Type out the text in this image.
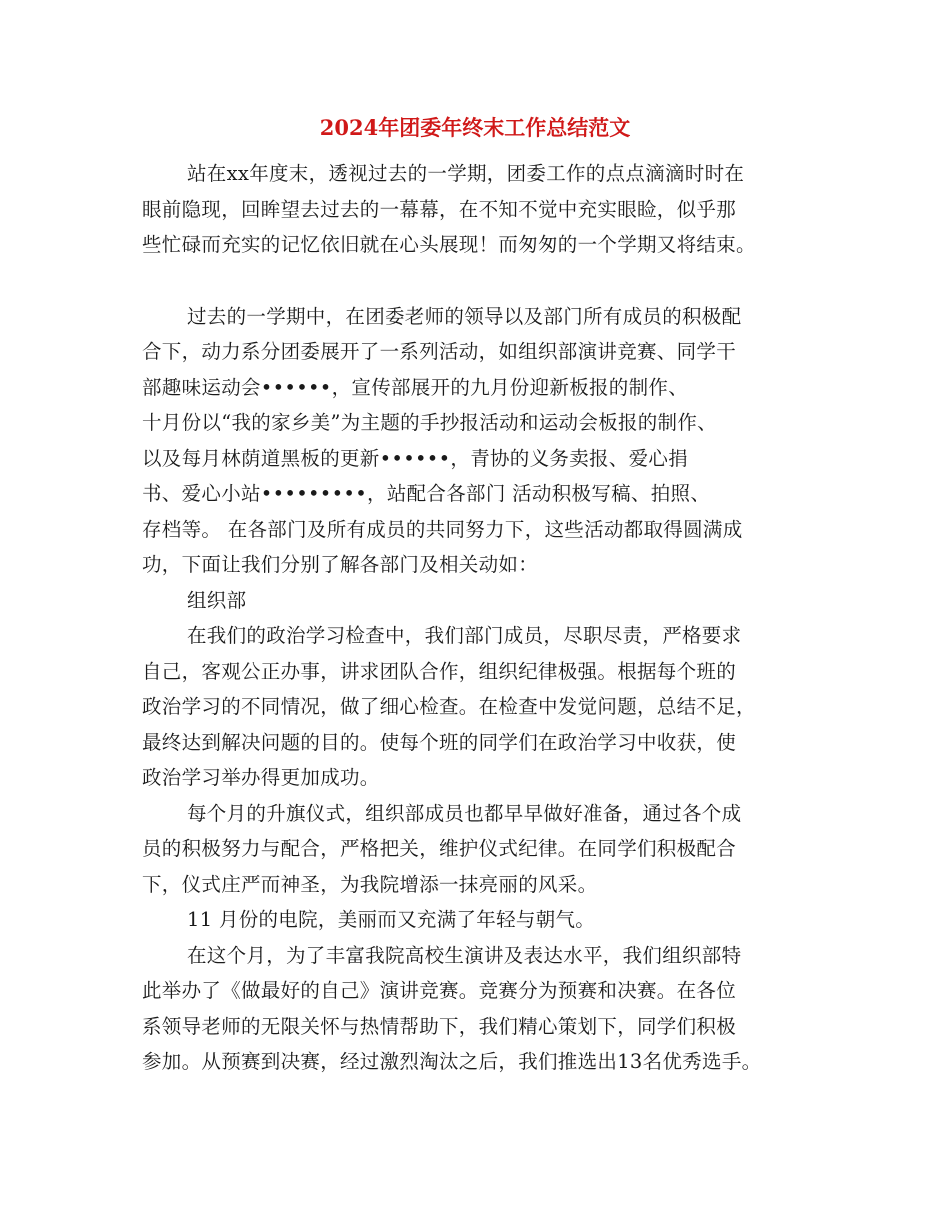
2024年团委年终末工作总结范文
站在xx年度末，透视过去的一学期，团委工作的点点滴滴时时在
眼前隐现，回眸望去过去的一幕幕，在不知不觉中充实眼睑，似乎那
些忙碌而充实的记忆依旧就在心头展现！而匆匆的一个学期又将结束。
过去的一学期中，在团委老师的领导以及部门所有成员的积极配
合下，动力系分团委展开了一系列活动，如组织部演讲竞赛、同学干
部趣味运动会••••••，宣传部展开的九月份迎新板报的制作、
十月份以“我的家乡美”为主题的手抄报活动和运动会板报的制作、
以及每月林荫道黑板的更新••••••，青协的义务卖报、爱心捐
书、爱心小站•••••••••，站配合各部门 活动积极写稿、拍照、
存档等。 在各部门及所有成员的共同努力下，这些活动都取得圆满成
功，下面让我们分别了解各部门及相关动如：
组织部
在我们的政治学习检查中，我们部门成员，尽职尽责，严格要求
自己，客观公正办事，讲求团队合作，组织纪律极强。根据每个班的
政治学习的不同情况，做了细心检查。在检查中发觉问题，总结不足，
最终达到解决问题的目的。使每个班的同学们在政治学习中收获，使
政治学习举办得更加成功。
每个月的升旗仪式，组织部成员也都早早做好准备，通过各个成
员的积极努力与配合，严格把关，维护仪式纪律。在同学们积极配合
下，仪式庄严而神圣，为我院增添一抹亮丽的风采。
11 月份的电院，美丽而又充满了年轻与朝气。
在这个月，为了丰富我院高校生演讲及表达水平，我们组织部特
此举办了《做最好的自己》演讲竞赛。竞赛分为预赛和决赛。在各位
系领导老师的无限关怀与热情帮助下，我们精心策划下，同学们积极
参加。从预赛到决赛，经过激烈淘汰之后，我们推选出13名优秀选手。
